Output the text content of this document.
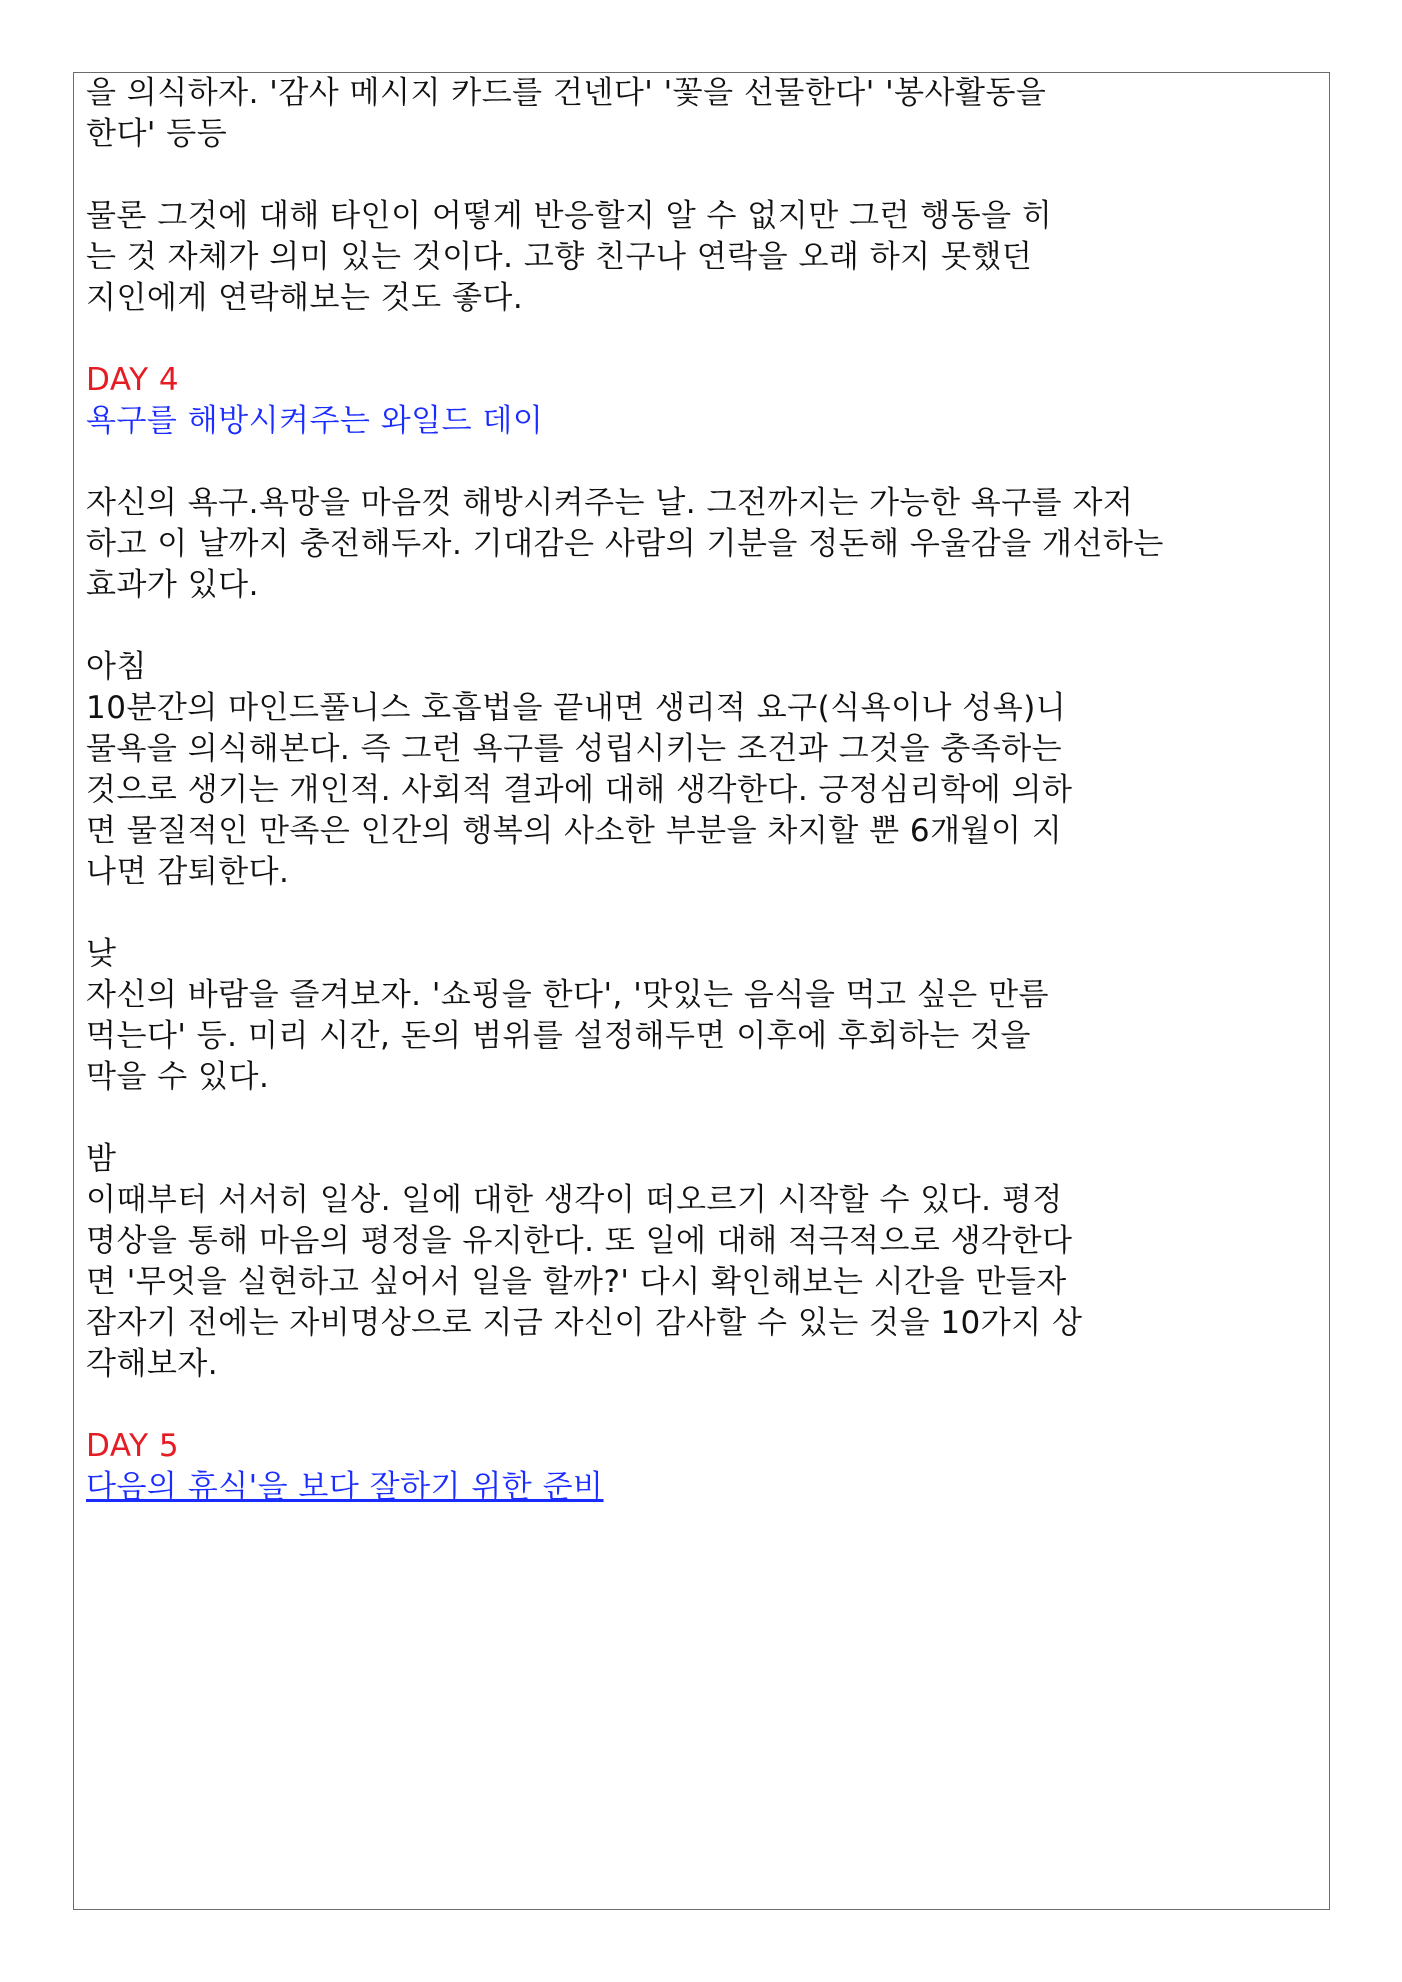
을 의식하자. '감사 메시지 카드를 건넨다' '꽃을 선물한다' '봉사활동을
한다' 등등
물론 그것에 대해 타인이 어떻게 반응할지 알 수 없지만 그런 행동을 히
는 것 자체가 의미 있는 것이다. 고향 친구나 연락을 오래 하지 못했던
지인에게 연락해보는 것도 좋다.
DAY 4
욕구를 해방시켜주는 와일드 데이
자신의 욕구.욕망을 마음껏 해방시켜주는 날. 그전까지는 가능한 욕구를 자저
하고 이 날까지 충전해두자. 기대감은 사람의 기분을 정돈해 우울감을 개선하는
효과가 있다.
아침
10분간의 마인드풀니스 호흡법을 끝내면 생리적 요구(식욕이나 성욕)니
물욕을 의식해본다. 즉 그런 욕구를 성립시키는 조건과 그것을 충족하는
것으로 생기는 개인적. 사회적 결과에 대해 생각한다. 긍정심리학에 의하
면 물질적인 만족은 인간의 행복의 사소한 부분을 차지할 뿐 6개월이 지
나면 감퇴한다.
낮
자신의 바람을 즐겨보자. '쇼핑을 한다', '맛있는 음식을 먹고 싶은 만름
먹는다' 등. 미리 시간, 돈의 범위를 설정해두면 이후에 후회하는 것을
막을 수 있다.
밤
이때부터 서서히 일상. 일에 대한 생각이 떠오르기 시작할 수 있다. 평정
명상을 통해 마음의 평정을 유지한다. 또 일에 대해 적극적으로 생각한다
면 '무엇을 실현하고 싶어서 일을 할까?' 다시 확인해보는 시간을 만들자
잠자기 전에는 자비명상으로 지금 자신이 감사할 수 있는 것을 10가지 상
각해보자.
DAY 5
다음의 휴식'을 보다 잘하기 위한 준비
